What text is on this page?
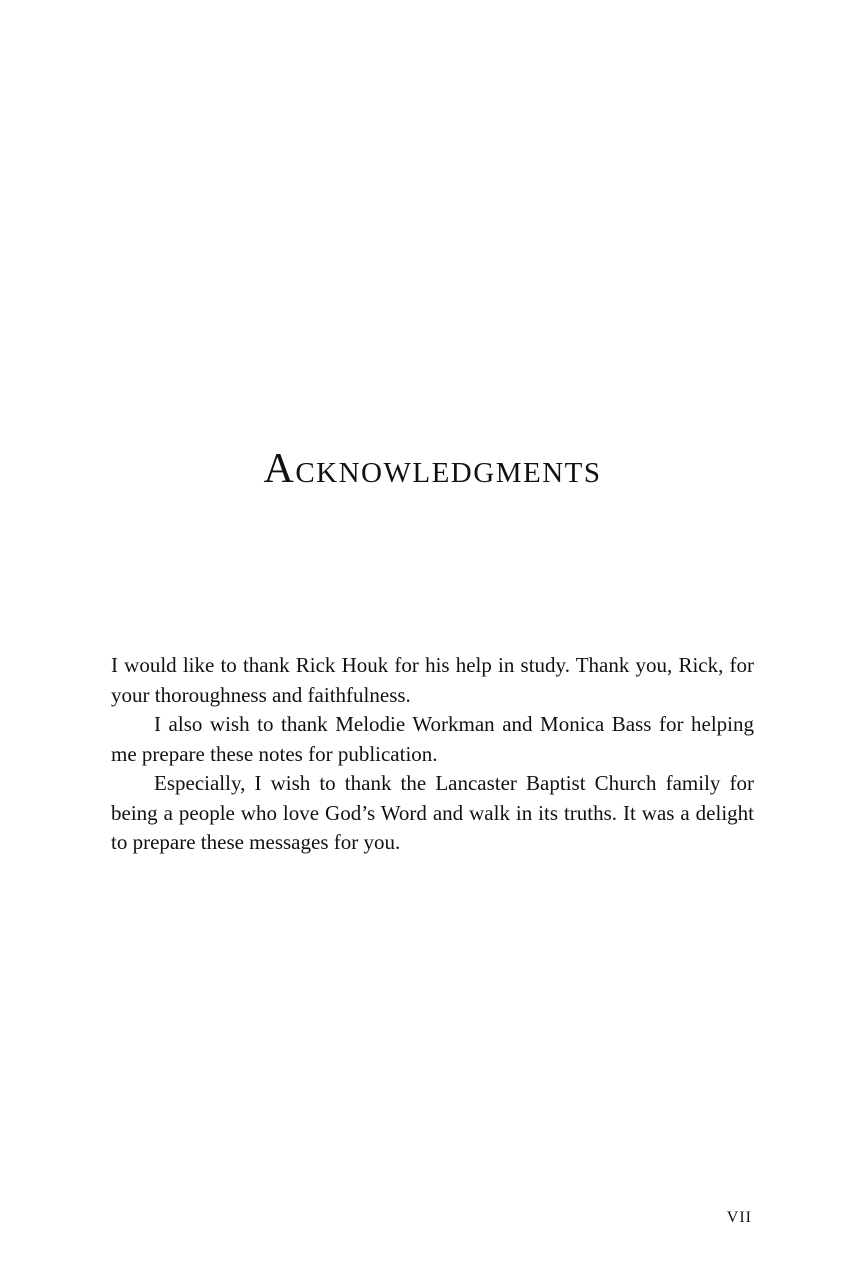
Acknowledgments

I would like to thank Rick Houk for his help in study. Thank you, Rick, for your thoroughness and faithfulness.

I also wish to thank Melodie Workman and Monica Bass for helping me prepare these notes for publication.

Especially, I wish to thank the Lancaster Baptist Church family for being a people who love God’s Word and walk in its truths. It was a delight to prepare these messages for you.

VII
